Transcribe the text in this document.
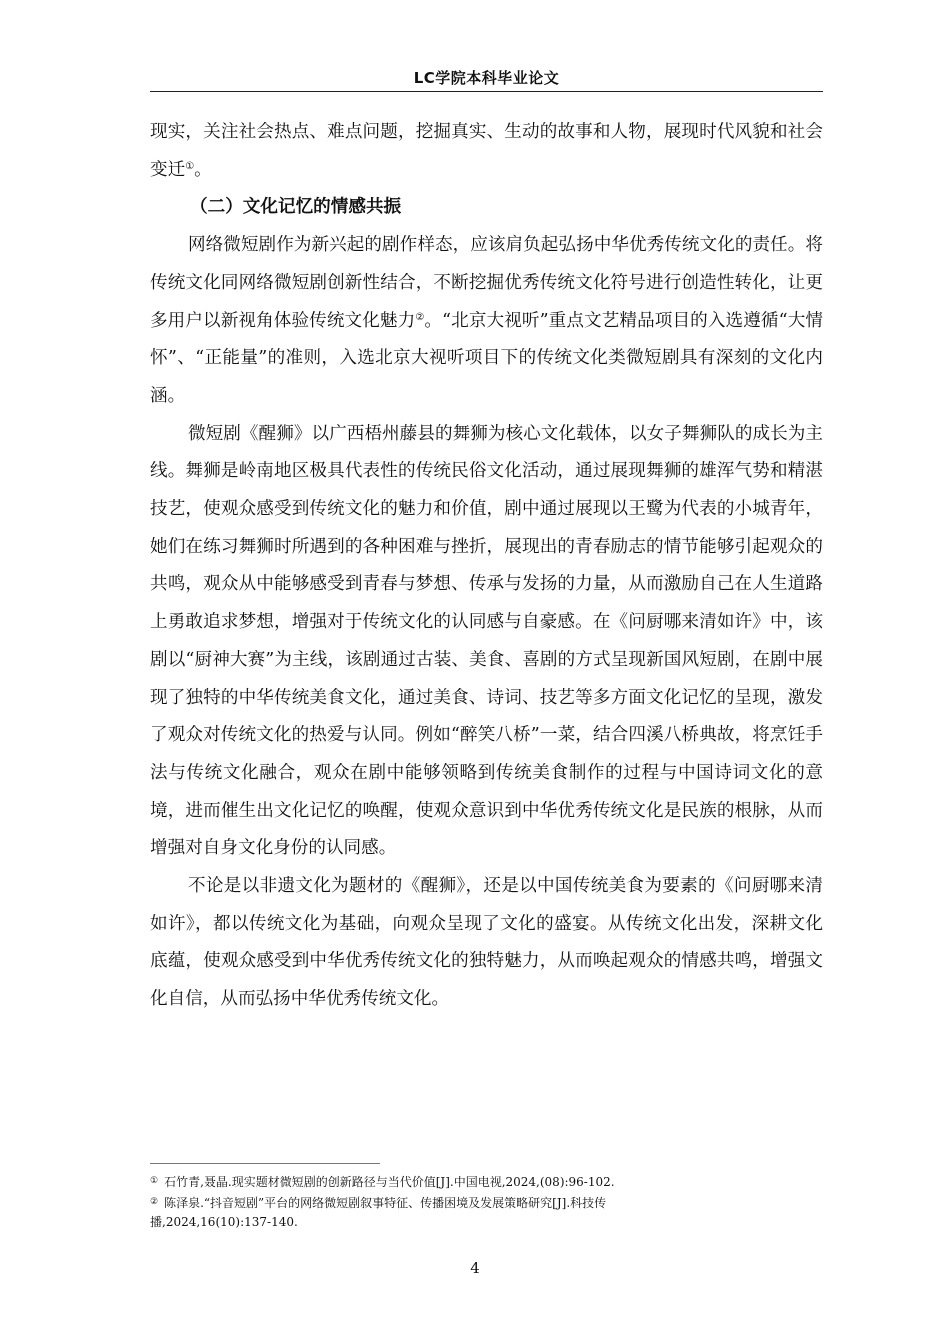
LC学院本科毕业论文

现实，关注社会热点、难点问题，挖掘真实、生动的故事和人物，展现时代风貌和社会变迁①。

（二）文化记忆的情感共振

网络微短剧作为新兴起的剧作样态，应该肩负起弘扬中华优秀传统文化的责任。将传统文化同网络微短剧创新性结合，不断挖掘优秀传统文化符号进行创造性转化，让更多用户以新视角体验传统文化魅力②。“北京大视听”重点文艺精品项目的入选遵循“大情怀”、“正能量”的准则，入选北京大视听项目下的传统文化类微短剧具有深刻的文化内涵。

微短剧《醒狮》以广西梧州藤县的舞狮为核心文化载体，以女子舞狮队的成长为主线。舞狮是岭南地区极具代表性的传统民俗文化活动，通过展现舞狮的雄浑气势和精湛技艺，使观众感受到传统文化的魅力和价值，剧中通过展现以王鹭为代表的小城青年，她们在练习舞狮时所遇到的各种困难与挫折，展现出的青春励志的情节能够引起观众的共鸣，观众从中能够感受到青春与梦想、传承与发扬的力量，从而激励自己在人生道路上勇敢追求梦想，增强对于传统文化的认同感与自豪感。在《问厨哪来清如许》中，该剧以“厨神大赛”为主线，该剧通过古装、美食、喜剧的方式呈现新国风短剧，在剧中展现了独特的中华传统美食文化，通过美食、诗词、技艺等多方面文化记忆的呈现，激发了观众对传统文化的热爱与认同。例如“醉笑八桥”一菜，结合四溪八桥典故，将烹饪手法与传统文化融合，观众在剧中能够领略到传统美食制作的过程与中国诗词文化的意境，进而催生出文化记忆的唤醒，使观众意识到中华优秀传统文化是民族的根脉，从而增强对自身文化身份的认同感。

不论是以非遗文化为题材的《醒狮》，还是以中国传统美食为要素的《问厨哪来清如许》，都以传统文化为基础，向观众呈现了文化的盛宴。从传统文化出发，深耕文化底蕴，使观众感受到中华优秀传统文化的独特魅力，从而唤起观众的情感共鸣，增强文化自信，从而弘扬中华优秀传统文化。

① 石竹青,聂晶.现实题材微短剧的创新路径与当代价值[J].中国电视,2024,(08):96-102.
② 陈泽泉.“抖音短剧”平台的网络微短剧叙事特征、传播困境及发展策略研究[J].科技传播,2024,16(10):137-140.
4
